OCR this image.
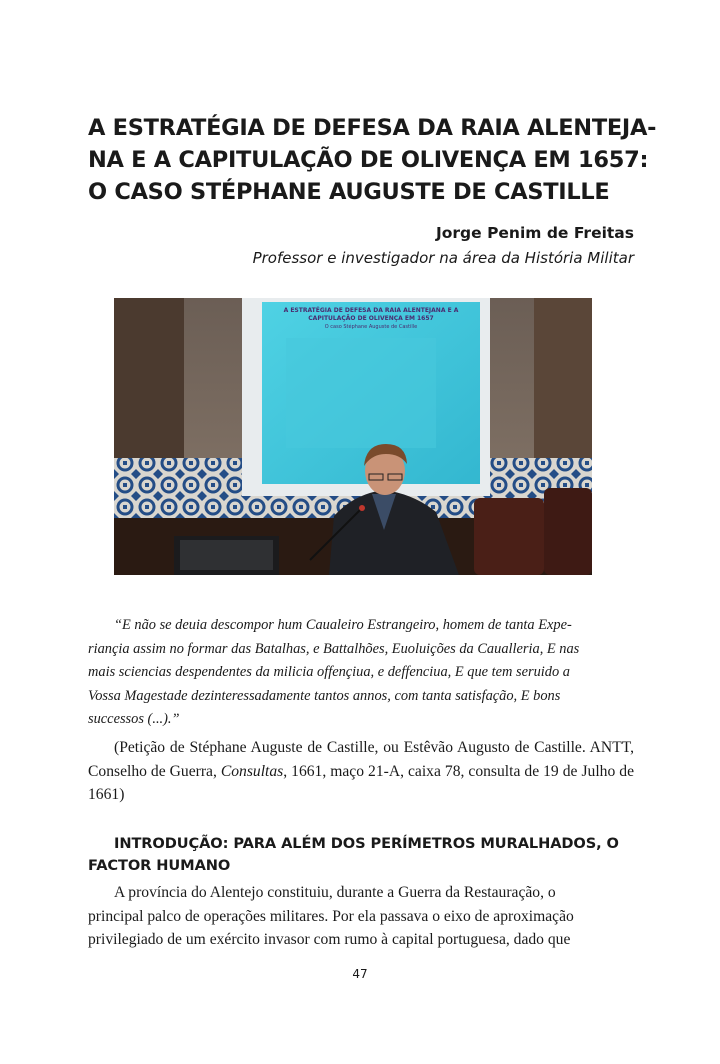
A ESTRATÉGIA DE DEFESA DA RAIA ALENTEJA-
NA E A CAPITULAÇÃO DE OLIVENÇA EM 1657:
O CASO STÉPHANE AUGUSTE DE CASTILLE
Jorge Penim de Freitas
Professor e investigador na área da História Militar
A ESTRATÉGIA DE DEFESA DA RAIA ALENTEJANA E A
CAPITULAÇÃO DE OLIVENÇA EM 1657
O caso Stéphane Auguste de Castille

“E não se deuia descompor hum Caualeiro Estrangeiro, homem de tanta Expe-
riançia assim no formar das Batalhas, e Battalhões, Euoluições da Caualleria, E nas
mais sciencias despendentes da milicia offençiua, e deffenciua, E que tem seruido a
Vossa Magestade dezinteressadamente tantos annos, com tanta satisfação, E bons
successos (...).”

(Petição de Stéphane Auguste de Castille, ou Estêvão Augusto de Castille. ANTT, Conselho de Guerra, Consultas, 1661, maço 21-A, caixa 78, consulta de 19 de Julho de 1661)

INTRODUÇÃO: PARA ALÉM DOS PERÍMETROS MURALHADOS, O
FACTOR HUMANO

A província do Alentejo constituiu, durante a Guerra da Restauração, o
principal palco de operações militares. Por ela passava o eixo de aproximação
privilegiado de um exército invasor com rumo à capital portuguesa, dado que

47
